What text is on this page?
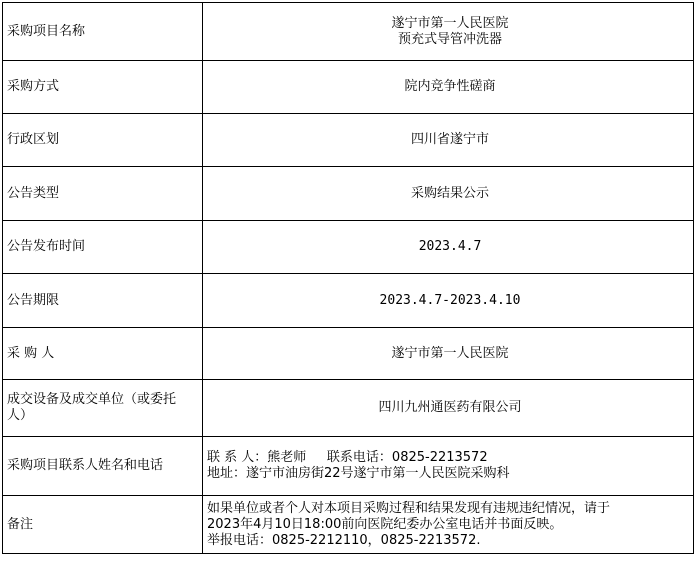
采购项目名称	遂宁市第一人民医院
预充式导管冲洗器

采购方式	院内竞争性磋商
行政区划	四川省遂宁市
公告类型	采购结果公示
公告发布时间	2023.4.7
公告期限	2023.4.7-2023.4.10
采 购 人	遂宁市第一人民医院

成交设备及成交单位（或委托人）	四川九州通医药有限公司
采购项目联系人姓名和电话	联 系 人：熊老师     联系电话：0825-2213572
地址：遂宁市油房街22号遂宁市第一人民医院采购科

备注	如果单位或者个人对本项目采购过程和结果发现有违规违纪情况，请于
2023年4月10日18:00前向医院纪委办公室电话并书面反映。
举报电话：0825-2212110，0825-2213572.
